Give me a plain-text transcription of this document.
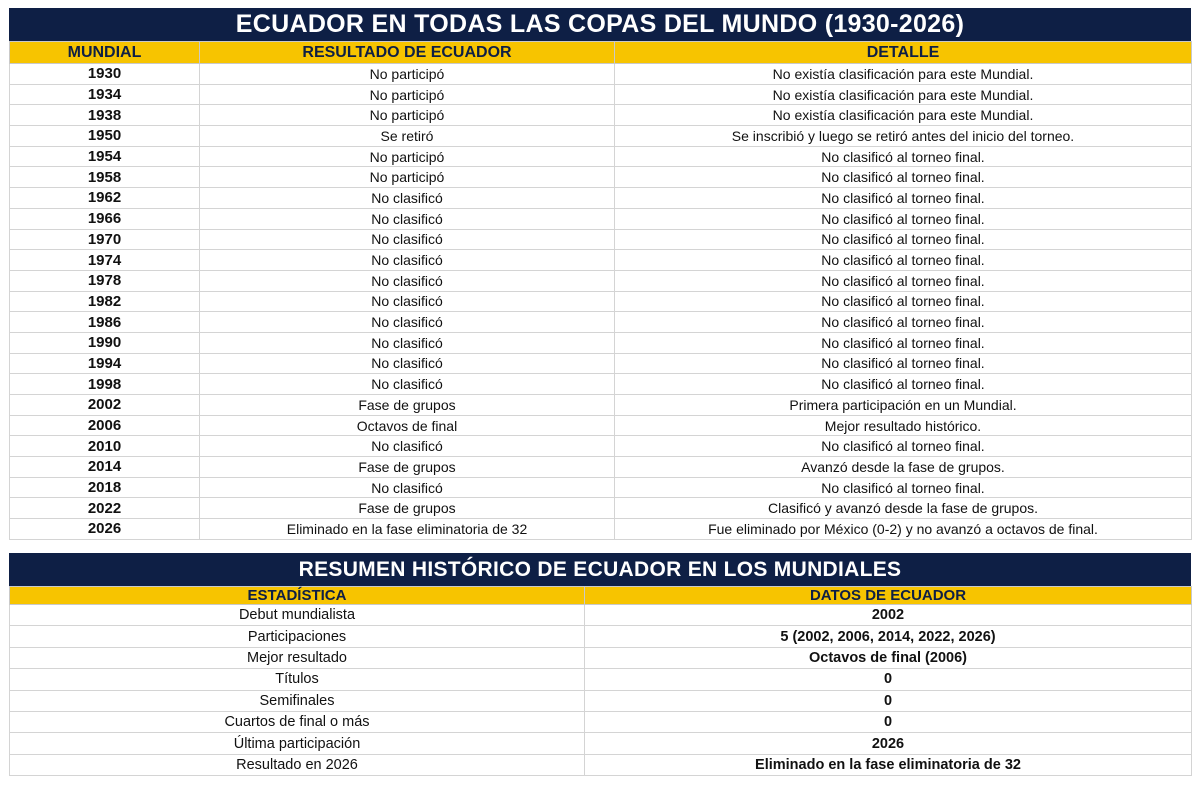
ECUADOR EN TODAS LAS COPAS DEL MUNDO (1930-2026)
MUNDIAL	RESULTADO DE ECUADOR	DETALLE
1930	No participó	No existía clasificación para este Mundial.
1934	No participó	No existía clasificación para este Mundial.
1938	No participó	No existía clasificación para este Mundial.
1950	Se retiró	Se inscribió y luego se retiró antes del inicio del torneo.
1954	No participó	No clasificó al torneo final.
1958	No participó	No clasificó al torneo final.
1962	No clasificó	No clasificó al torneo final.
1966	No clasificó	No clasificó al torneo final.
1970	No clasificó	No clasificó al torneo final.
1974	No clasificó	No clasificó al torneo final.
1978	No clasificó	No clasificó al torneo final.
1982	No clasificó	No clasificó al torneo final.
1986	No clasificó	No clasificó al torneo final.
1990	No clasificó	No clasificó al torneo final.
1994	No clasificó	No clasificó al torneo final.
1998	No clasificó	No clasificó al torneo final.
2002	Fase de grupos	Primera participación en un Mundial.
2006	Octavos de final	Mejor resultado histórico.
2010	No clasificó	No clasificó al torneo final.
2014	Fase de grupos	Avanzó desde la fase de grupos.
2018	No clasificó	No clasificó al torneo final.
2022	Fase de grupos	Clasificó y avanzó desde la fase de grupos.
2026	Eliminado en la fase eliminatoria de 32	Fue eliminado por México (0-2) y no avanzó a octavos de final.
RESUMEN HISTÓRICO DE ECUADOR EN LOS MUNDIALES
ESTADÍSTICA	DATOS DE ECUADOR
Debut mundialista	2002
Participaciones	5 (2002, 2006, 2014, 2022, 2026)
Mejor resultado	Octavos de final (2006)
Títulos	0
Semifinales	0
Cuartos de final o más	0
Última participación	2026
Resultado en 2026	Eliminado en la fase eliminatoria de 32
